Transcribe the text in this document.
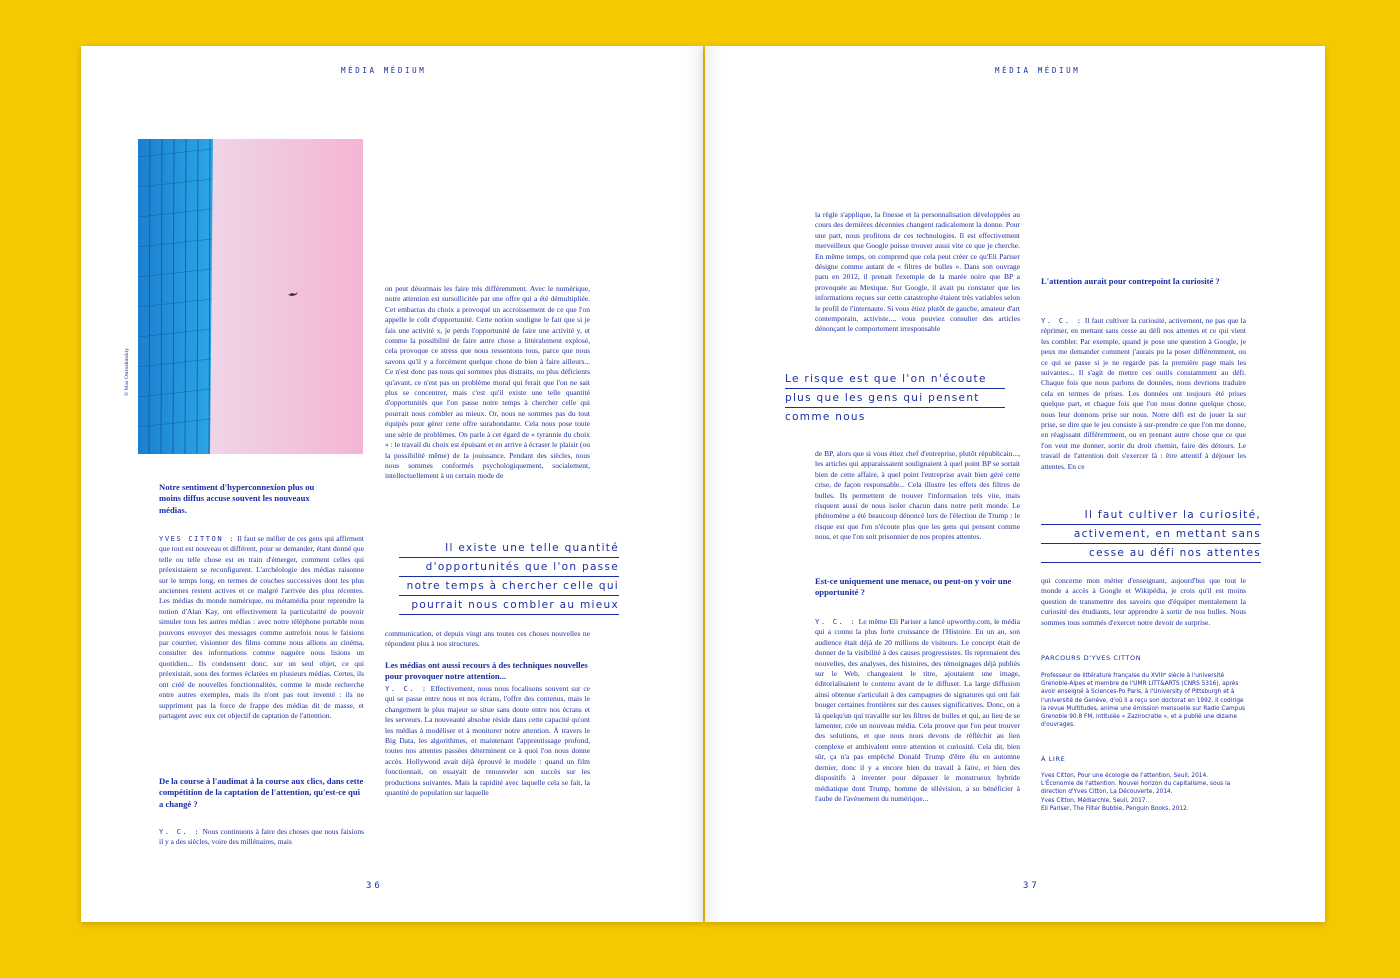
MÉDIA MÉDIUM
© Max Ostrozhinskiy

Notre sentiment d'hyperconnexion plus ou moins diffus accuse souvent les nouveaux médias.

YVES CITTON : Il faut se méfier de ces gens qui affirment que tout est nouveau et différent, pour se demander, étant donné que telle ou telle chose est en train d'émerger, comment celles qui préexistaient se reconfigurent. L'archéologie des médias raisonne sur le temps long, en termes de couches successives dont les plus anciennes restent actives et ce malgré l'arrivée des plus récentes. Les médias du monde numérique, ou métamédia pour reprendre la notion d'Alan Kay, ont effectivement la particularité de pouvoir simuler tous les autres médias : avec notre téléphone portable nous pouvons envoyer des messages comme autrefois nous le faisions par courrier, visionner des films comme nous allions au cinéma, consulter des informations comme naguère nous lisions un quotidien... Ils condensent donc, sur un seul objet, ce qui préexistait, sous des formes éclatées en plusieurs médias. Certes, ils ont créé de nouvelles fonctionnalités, comme le mode recherche entre autres exemples, mais ils n'ont pas tout inventé : ils ne suppriment pas la force de frappe des médias dit de masse, et partagent avec eux cet objectif de captation de l'attention.

De la course à l'audimat à la course aux clics, dans cette compétition de la captation de l'attention, qu'est-ce qui a changé ?

Y. C. : Nous continuons à faire des choses que nous faisions il y a des siècles, voire des millénaires, mais

on peut désormais les faire très différemment. Avec le numérique, notre attention est sursollicitée par une offre qui a été démultipliée. Cet embarras du choix a provoqué un accroissement de ce que l'on appelle le coût d'opportunité. Cette notion souligne le fait que si je fais une activité x, je perds l'opportunité de faire une activité y, et comme la possibilité de faire autre chose a littéralement explosé, cela provoque ce stress que nous ressentons tous, parce que nous savons qu'il y a forcément quelque chose de bien à faire ailleurs... Ce n'est donc pas nous qui sommes plus distraits, ou plus déficients qu'avant, ce n'est pas un problème moral qui ferait que l'on ne sait plus se concentrer, mais c'est qu'il existe une telle quantité d'opportunités que l'on passe notre temps à chercher celle qui pourrait nous combler au mieux. Or, nous ne sommes pas du tout équipés pour gérer cette offre surabondante. Cela nous pose toute une série de problèmes. On parle à cet égard de « tyrannie du choix » : le travail du choix est épuisant et en arrive à écraser le plaisir (ou la possibilité même) de la jouissance. Pendant des siècles, nous nous sommes conformés psychologiquement, socialement, intellectuellement à un certain mode de

Il existe une telle quantité
d'opportunités que l'on passe
notre temps à chercher celle qui
pourrait nous combler au mieux

communication, et depuis vingt ans toutes ces choses nouvelles ne répondent plus à nos structures.

Les médias ont aussi recours à des techniques nouvelles pour provoquer notre attention...

Y. C. : Effectivement, nous nous focalisons souvent sur ce qui se passe entre nous et nos écrans, l'offre des contenus, mais le changement le plus majeur se situe sans doute entre nos écrans et les serveurs. La nouveauté absolue réside dans cette capacité qu'ont les médias à modéliser et à monitorer notre attention. À travers le Big Data, les algorithmes, et maintenant l'apprentissage profond, toutes nos attentes passées déterminent ce à quoi l'on nous donne accès. Hollywood avait déjà éprouvé le modèle : quand un film fonctionnait, on essayait de renouveler son succès sur les productions suivantes. Mais la rapidité avec laquelle cela se fait, la quantité de population sur laquelle

36
MÉDIA MÉDIUM

la règle s'applique, la finesse et la personnalisation développées au cours des dernières décennies changent radicalement la donne. Pour une part, nous profitons de ces technologies. Il est effectivement merveilleux que Google puisse trouver aussi vite ce que je cherche. En même temps, on comprend que cela peut créer ce qu'Eli Pariser désigne comme autant de « filtres de bulles ». Dans son ouvrage paru en 2012, il prenait l'exemple de la marée noire que BP a provoquée au Mexique. Sur Google, il avait pu constater que les informations reçues sur cette catastrophe étaient très variables selon le profil de l'internaute. Si vous étiez plutôt de gauche, amateur d'art contemporain, activiste..., vous pouviez consulter des articles dénonçant le comportement irresponsable

Le risque est que l'on n'écoute
plus que les gens qui pensent
comme nous

de BP, alors que si vous étiez chef d'entreprise, plutôt républicain..., les articles qui apparaissaient soulignaient à quel point BP se sortait bien de cette affaire, à quel point l'entreprise avait bien géré cette crise, de façon responsable... Cela illustre les effets des filtres de bulles. Ils permettent de trouver l'information très vite, mais risquent aussi de nous isoler chacun dans notre petit monde. Le phénomène a été beaucoup dénoncé lors de l'élection de Trump : le risque est que l'on n'écoute plus que les gens qui pensent comme nous, et que l'on soit prisonnier de nos propres attentes.

Est-ce uniquement une menace, ou peut-on y voir une opportunité ?

Y. C. : Le même Eli Pariser a lancé upworthy.com, le média qui a connu la plus forte croissance de l'Histoire. En un an, son audience était déjà de 20 millions de visiteurs. Le concept était de donner de la visibilité à des causes progressistes. Ils reprenaient des nouvelles, des analyses, des histoires, des témoignages déjà publiés sur le Web, changeaient le titre, ajoutaient une image, éditorialisaient le contenu avant de le diffuser. La large diffusion ainsi obtenue s'articulait à des campagnes de signatures qui ont fait bouger certaines frontières sur des causes significatives. Donc, on a là quelqu'un qui travaille sur les filtres de bulles et qui, au lieu de se lamenter, crée un nouveau média. Cela prouve que l'on peut trouver des solutions, et que nous nous devons de réfléchir au lien complexe et ambivalent entre attention et curiosité. Cela dit, bien sûr, ça n'a pas empêché Donald Trump d'être élu en automne dernier, donc il y a encore bien du travail à faire, et bien des dispositifs à inventer pour dépasser le monstrueux hybride médiatique dont Trump, homme de télévision, a su bénéficier à l'aube de l'avènement du numérique...

L'attention aurait pour contrepoint la curiosité ?

Y. C. : Il faut cultiver la curiosité, activement, ne pas que la réprimer, en mettant sans cesse au défi nos attentes et ce qui vient les combler. Par exemple, quand je pose une question à Google, je peux me demander comment j'aurais pu la poser différemment, ou ce qui se passe si je ne regarde pas la première page mais les suivantes... Il s'agit de mettre ces outils constamment au défi. Chaque fois que nous parlons de données, nous devrions traduire cela en termes de prises. Les données ont toujours été prises quelque part, et chaque fois que l'on nous donne quelque chose, nous leur donnons prise sur nous. Notre défi est de jouer la sur prise, se dire que le jeu consiste à sur-prendre ce que l'on me donne, en réagissant différemment, ou en prenant autre chose que ce que l'on veut me donner, sortir du droit chemin, faire des détours. Le travail de l'attention doit s'exercer là : être attentif à déjouer les attentes. En ce

Il faut cultiver la curiosité,
activement, en mettant sans
cesse au défi nos attentes

qui concerne mon métier d'enseignant, aujourd'hui que tout le monde a accès à Google et Wikipédia, je crois qu'il est moins question de transmettre des savoirs que d'équiper mentalement la curiosité des étudiants, leur apprendre à sortir de nos bulles. Nous sommes tous sommés d'exercer notre devoir de surprise.

PARCOURS D'YVES CITTON
Professeur de littérature française du XVIIIᵉ siècle à l'université Grenoble-Alpes et membre de l'UMR LITT&ARTS (CNRS 5316), après avoir enseigné à Sciences-Po Paris, à l'University of Pittsburgh et à l'université de Genève, d'où il a reçu son doctorat en 1992. Il codirige la revue Multitudes, anime une émission mensuelle sur Radio Campus Grenoble 90.8 FM, intitulée « Zazirocratie », et a publié une dizaine d'ouvrages.
À LIRE
Yves Citton, Pour une écologie de l'attention, Seuil, 2014.
L'Économie de l'attention. Nouvel horizon du capitalisme, sous la direction d'Yves Citton, La Découverte, 2014.
Yves Citton, Médiarchie, Seuil, 2017.
Eli Pariser, The Filter Bubble, Penguin Books, 2012.
37
